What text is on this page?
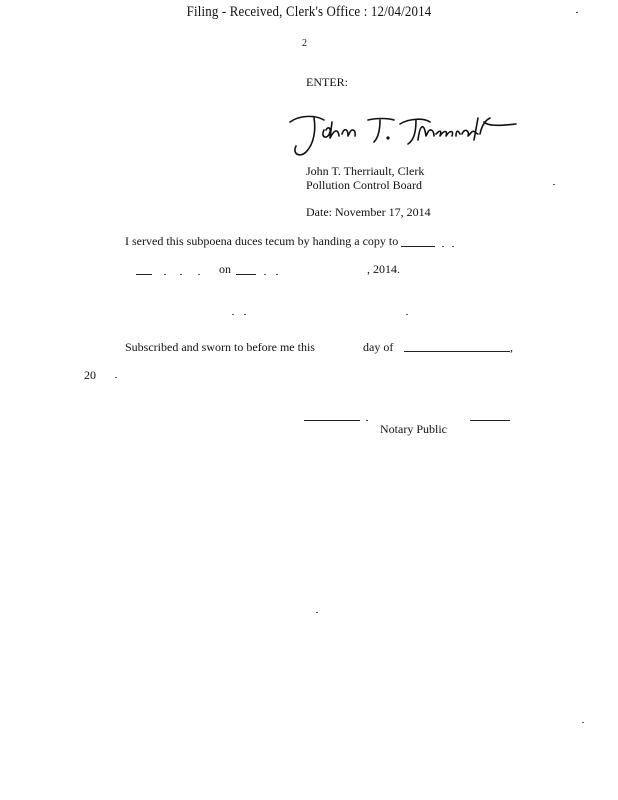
Filing - Received, Clerk's Office : 12/04/2014
2
ENTER:
John T. Therriault, Clerk
Pollution Control Board
Date: November 17, 2014
I served this subpoena duces tecum by handing a copy to
on	, 2014.
Subscribed and sworn to before me this	day of	,
20
Notary Public
